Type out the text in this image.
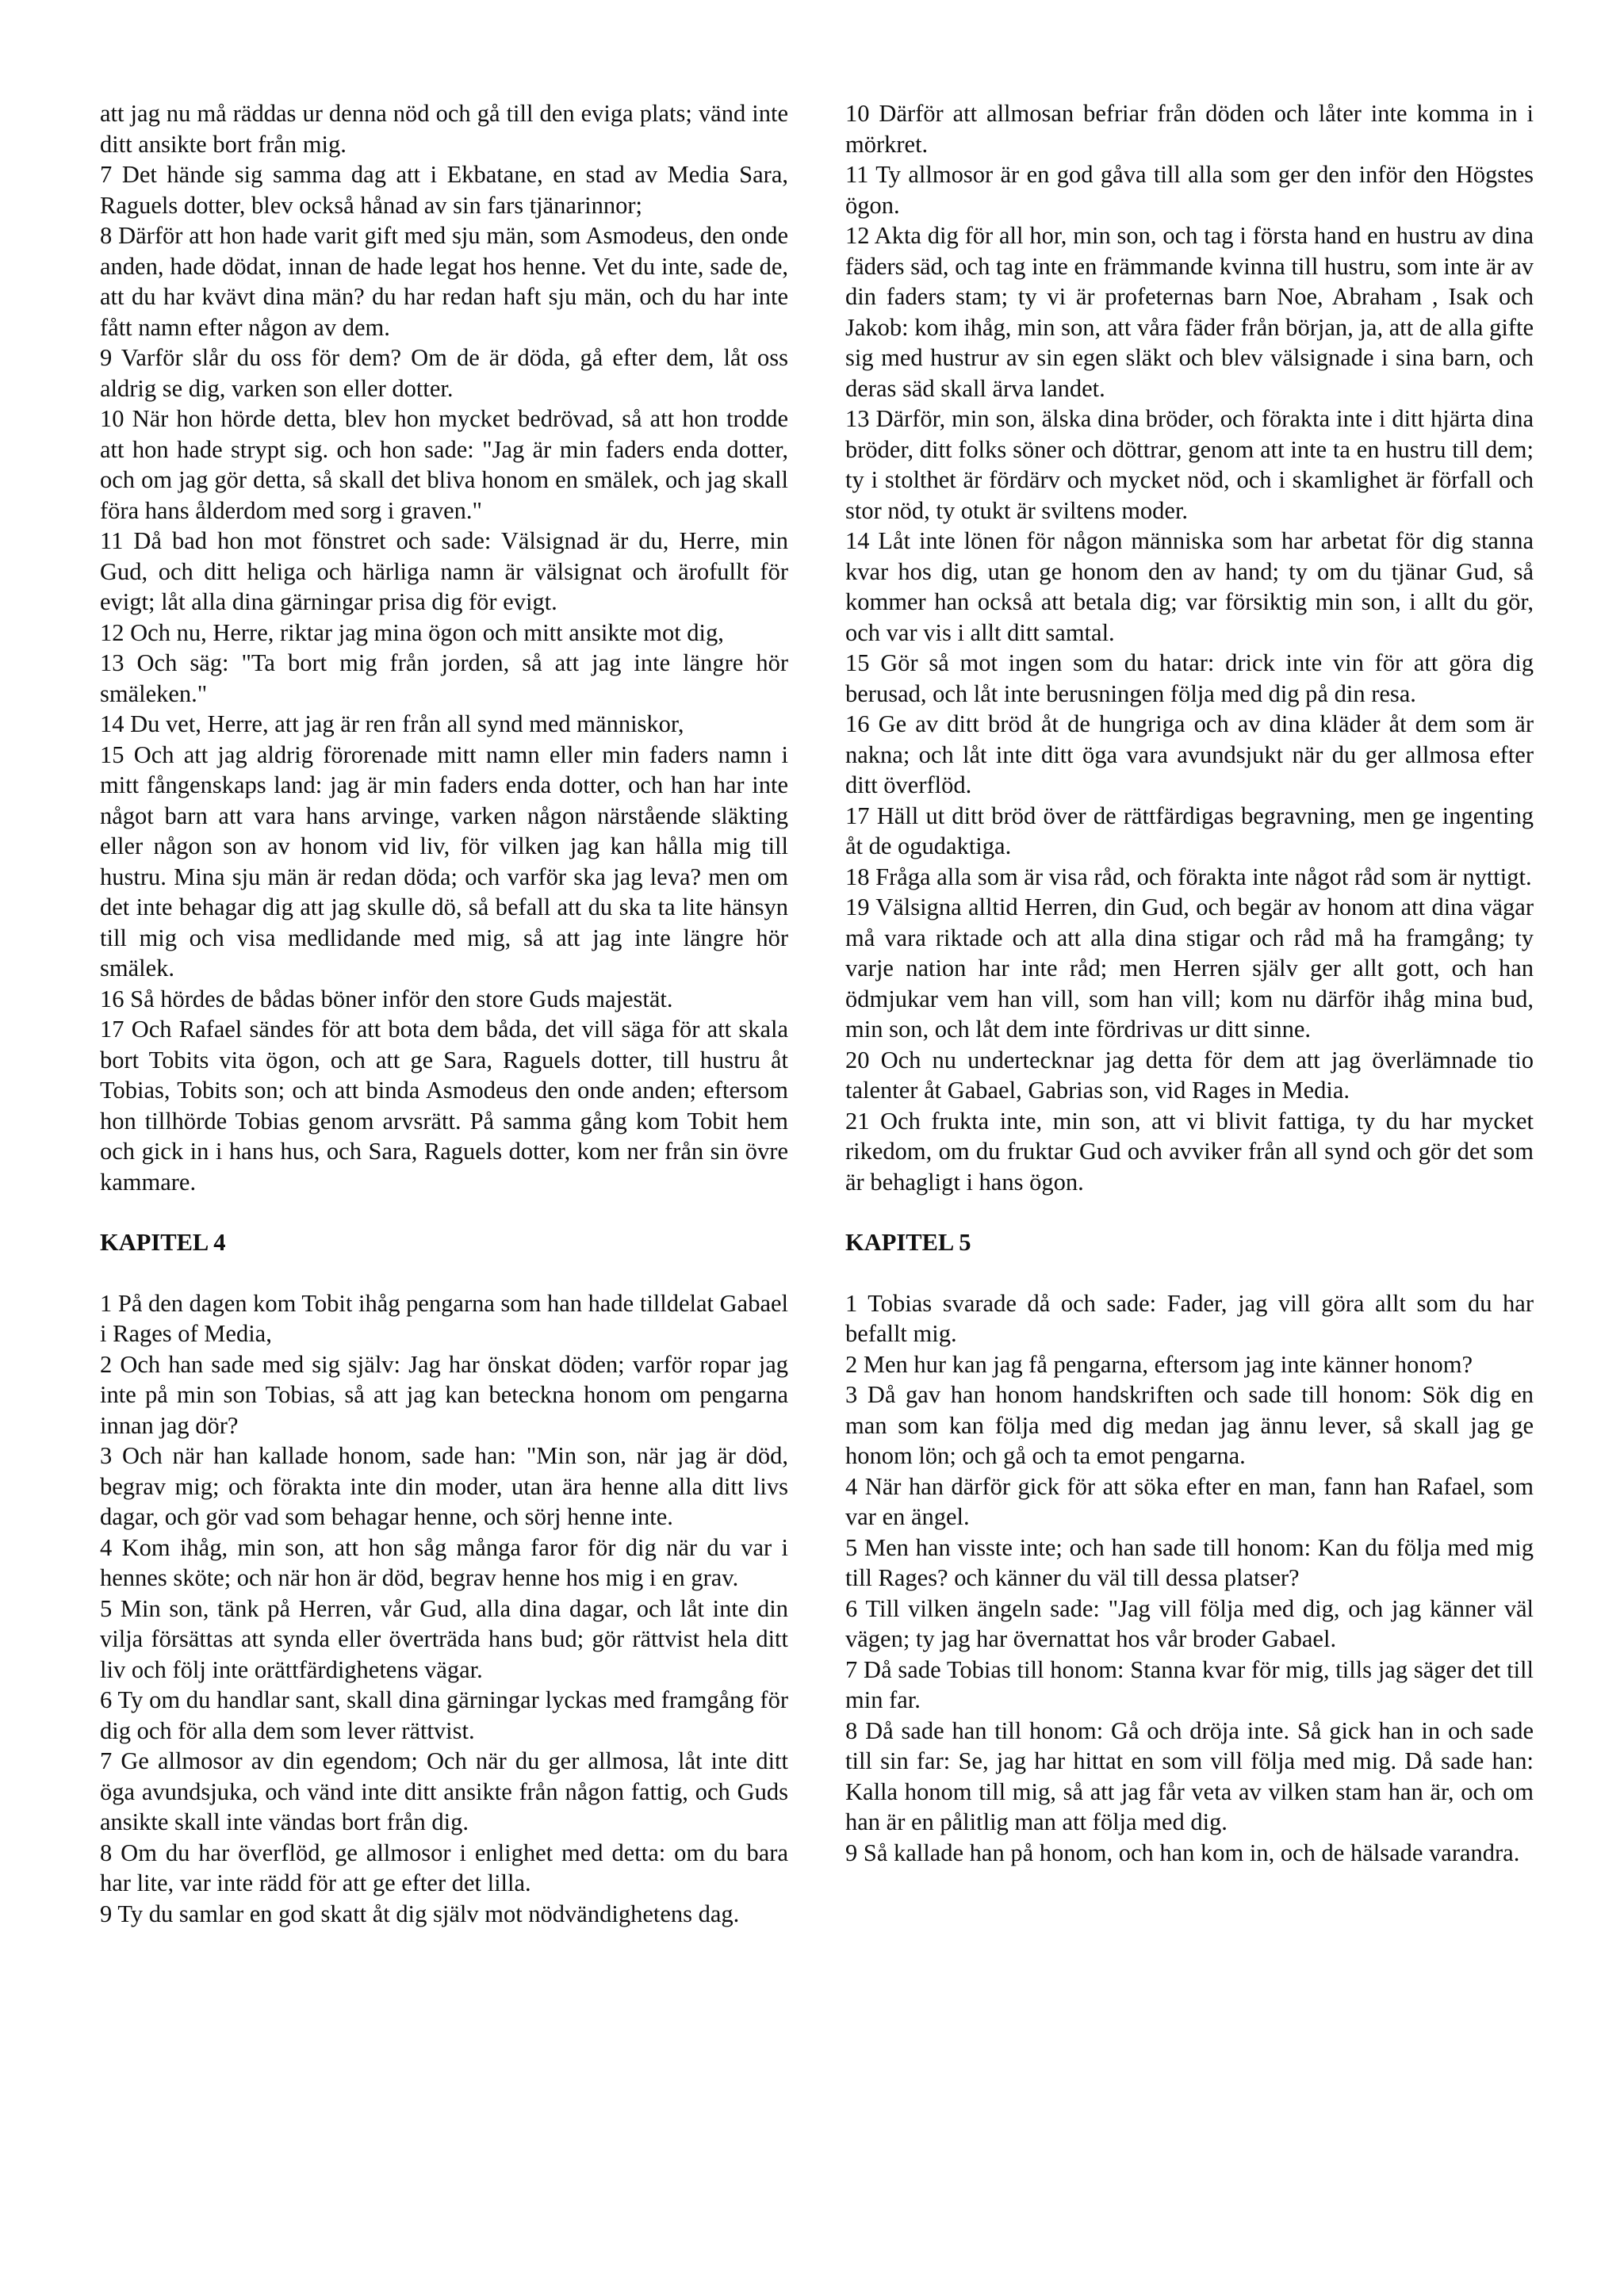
att jag nu må räddas ur denna nöd och gå till den eviga plats; vänd inte ditt ansikte bort från mig.

7 Det hände sig samma dag att i Ekbatane, en stad av Media Sara, Raguels dotter, blev också hånad av sin fars tjänarinnor;

8 Därför att hon hade varit gift med sju män, som Asmodeus, den onde anden, hade dödat, innan de hade legat hos henne. Vet du inte, sade de, att du har kvävt dina män? du har redan haft sju män, och du har inte fått namn efter någon av dem.

9 Varför slår du oss för dem? Om de är döda, gå efter dem, låt oss aldrig se dig, varken son eller dotter.

10 När hon hörde detta, blev hon mycket bedrövad, så att hon trodde att hon hade strypt sig. och hon sade: "Jag är min faders enda dotter, och om jag gör detta, så skall det bliva honom en smälek, och jag skall föra hans ålderdom med sorg i graven."

11 Då bad hon mot fönstret och sade: Välsignad är du, Herre, min Gud, och ditt heliga och härliga namn är välsignat och ärofullt för evigt; låt alla dina gärningar prisa dig för evigt.

12 Och nu, Herre, riktar jag mina ögon och mitt ansikte mot dig,

13 Och säg: "Ta bort mig från jorden, så att jag inte längre hör smäleken."

14 Du vet, Herre, att jag är ren från all synd med människor,

15 Och att jag aldrig förorenade mitt namn eller min faders namn i mitt fångenskaps land: jag är min faders enda dotter, och han har inte något barn att vara hans arvinge, varken någon närstående släkting eller någon son av honom vid liv, för vilken jag kan hålla mig till hustru. Mina sju män är redan döda; och varför ska jag leva? men om det inte behagar dig att jag skulle dö, så befall att du ska ta lite hänsyn till mig och visa medlidande med mig, så att jag inte längre hör smälek.

16 Så hördes de bådas böner inför den store Guds majestät.

17 Och Rafael sändes för att bota dem båda, det vill säga för att skala bort Tobits vita ögon, och att ge Sara, Raguels dotter, till hustru åt Tobias, Tobits son; och att binda Asmodeus den onde anden; eftersom hon tillhörde Tobias genom arvsrätt. På samma gång kom Tobit hem och gick in i hans hus, och Sara, Raguels dotter, kom ner från sin övre kammare.

KAPITEL 4

1 På den dagen kom Tobit ihåg pengarna som han hade tilldelat Gabael i Rages of Media,

2 Och han sade med sig själv: Jag har önskat döden; varför ropar jag inte på min son Tobias, så att jag kan beteckna honom om pengarna innan jag dör?

3 Och när han kallade honom, sade han: "Min son, när jag är död, begrav mig; och förakta inte din moder, utan ära henne alla ditt livs dagar, och gör vad som behagar henne, och sörj henne inte.

4 Kom ihåg, min son, att hon såg många faror för dig när du var i hennes sköte; och när hon är död, begrav henne hos mig i en grav.

5 Min son, tänk på Herren, vår Gud, alla dina dagar, och låt inte din vilja försättas att synda eller överträda hans bud; gör rättvist hela ditt liv och följ inte orättfärdighetens vägar.

6 Ty om du handlar sant, skall dina gärningar lyckas med framgång för dig och för alla dem som lever rättvist.

7 Ge allmosor av din egendom; Och när du ger allmosa, låt inte ditt öga avundsjuka, och vänd inte ditt ansikte från någon fattig, och Guds ansikte skall inte vändas bort från dig.

8 Om du har överflöd, ge allmosor i enlighet med detta: om du bara har lite, var inte rädd för att ge efter det lilla.

9 Ty du samlar en god skatt åt dig själv mot nödvändighetens dag.

10 Därför att allmosan befriar från döden och låter inte komma in i mörkret.

11 Ty allmosor är en god gåva till alla som ger den inför den Högstes ögon.

12 Akta dig för all hor, min son, och tag i första hand en hustru av dina fäders säd, och tag inte en främmande kvinna till hustru, som inte är av din faders stam; ty vi är profeternas barn Noe, Abraham , Isak och Jakob: kom ihåg, min son, att våra fäder från början, ja, att de alla gifte sig med hustrur av sin egen släkt och blev välsignade i sina barn, och deras säd skall ärva landet.

13 Därför, min son, älska dina bröder, och förakta inte i ditt hjärta dina bröder, ditt folks söner och döttrar, genom att inte ta en hustru till dem; ty i stolthet är fördärv och mycket nöd, och i skamlighet är förfall och stor nöd, ty otukt är sviltens moder.

14 Låt inte lönen för någon människa som har arbetat för dig stanna kvar hos dig, utan ge honom den av hand; ty om du tjänar Gud, så kommer han också att betala dig; var försiktig min son, i allt du gör, och var vis i allt ditt samtal.

15 Gör så mot ingen som du hatar: drick inte vin för att göra dig berusad, och låt inte berusningen följa med dig på din resa.

16 Ge av ditt bröd åt de hungriga och av dina kläder åt dem som är nakna; och låt inte ditt öga vara avundsjukt när du ger allmosa efter ditt överflöd.

17 Häll ut ditt bröd över de rättfärdigas begravning, men ge ingenting åt de ogudaktiga.

18 Fråga alla som är visa råd, och förakta inte något råd som är nyttigt.

19 Välsigna alltid Herren, din Gud, och begär av honom att dina vägar må vara riktade och att alla dina stigar och råd må ha framgång; ty varje nation har inte råd; men Herren själv ger allt gott, och han ödmjukar vem han vill, som han vill; kom nu därför ihåg mina bud, min son, och låt dem inte fördrivas ur ditt sinne.

20 Och nu undertecknar jag detta för dem att jag överlämnade tio talenter åt Gabael, Gabrias son, vid Rages in Media.

21 Och frukta inte, min son, att vi blivit fattiga, ty du har mycket rikedom, om du fruktar Gud och avviker från all synd och gör det som är behagligt i hans ögon.

KAPITEL 5

1 Tobias svarade då och sade: Fader, jag vill göra allt som du har befallt mig.

2 Men hur kan jag få pengarna, eftersom jag inte känner honom?

3 Då gav han honom handskriften och sade till honom: Sök dig en man som kan följa med dig medan jag ännu lever, så skall jag ge honom lön; och gå och ta emot pengarna.

4 När han därför gick för att söka efter en man, fann han Rafael, som var en ängel.

5 Men han visste inte; och han sade till honom: Kan du följa med mig till Rages? och känner du väl till dessa platser?

6 Till vilken ängeln sade: "Jag vill följa med dig, och jag känner väl vägen; ty jag har övernattat hos vår broder Gabael.

7 Då sade Tobias till honom: Stanna kvar för mig, tills jag säger det till min far.

8 Då sade han till honom: Gå och dröja inte. Så gick han in och sade till sin far: Se, jag har hittat en som vill följa med mig. Då sade han: Kalla honom till mig, så att jag får veta av vilken stam han är, och om han är en pålitlig man att följa med dig.

9 Så kallade han på honom, och han kom in, och de hälsade varandra.
